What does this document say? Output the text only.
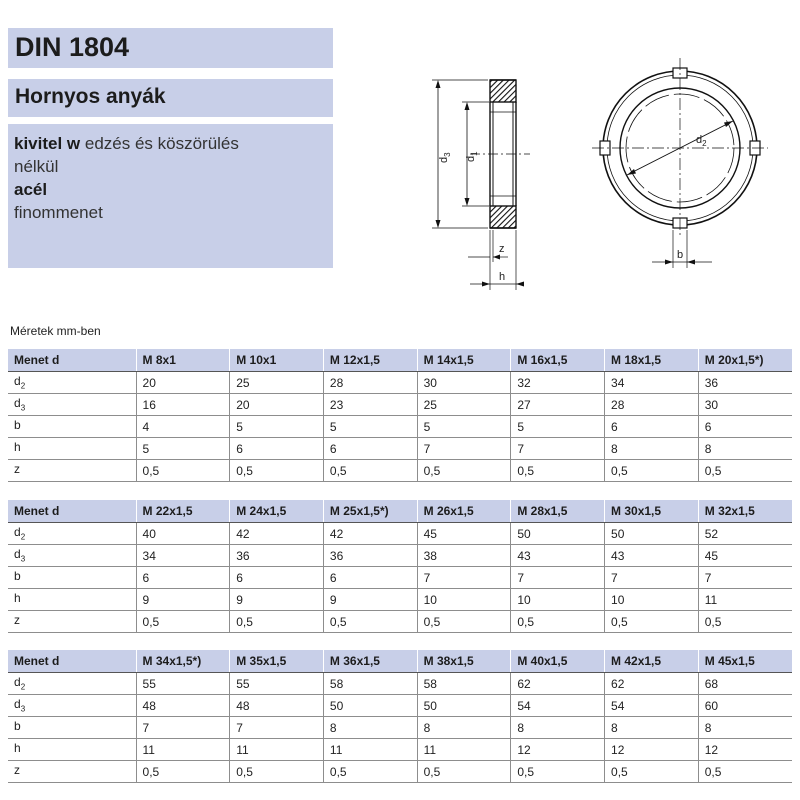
DIN 1804
Hornyos anyák
kivitel w edzés és köszörülés
nélkül
acél
finommenet
$d_3$
$d_1$
z
h
$d_2$
b
Méretek mm-ben
Menet d	M 8x1	M 10x1	M 12x1,5	M 14x1,5	M 16x1,5	M 18x1,5	M 20x1,5*)
$d_2$	20	25	28	30	32	34	36
$d_3$	16	20	23	25	27	28	30
b	4	5	5	5	5	6	6
h	5	6	6	7	7	8	8
z	0,5	0,5	0,5	0,5	0,5	0,5	0,5
Menet d	M 22x1,5	M 24x1,5	M 25x1,5*)	M 26x1,5	M 28x1,5	M 30x1,5	M 32x1,5
$d_2$	40	42	42	45	50	50	52
$d_3$	34	36	36	38	43	43	45
b	6	6	6	7	7	7	7
h	9	9	9	10	10	10	11
z	0,5	0,5	0,5	0,5	0,5	0,5	0,5
Menet d	M 34x1,5*)	M 35x1,5	M 36x1,5	M 38x1,5	M 40x1,5	M 42x1,5	M 45x1,5
$d_2$	55	55	58	58	62	62	68
$d_3$	48	48	50	50	54	54	60
b	7	7	8	8	8	8	8
h	11	11	11	11	12	12	12
z	0,5	0,5	0,5	0,5	0,5	0,5	0,5
